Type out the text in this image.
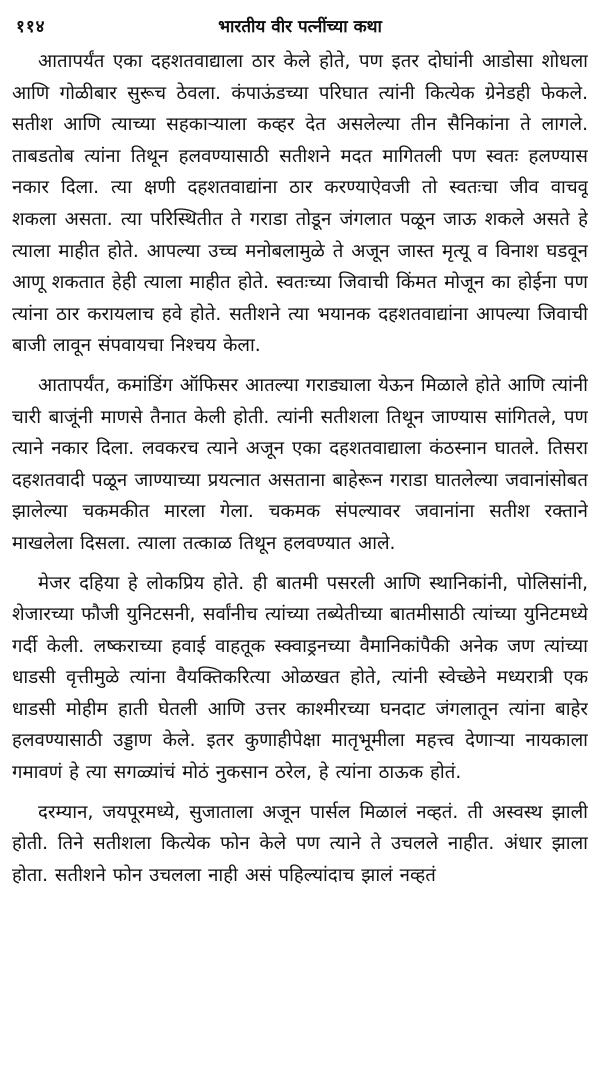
११४	भारतीय वीर पत्नींच्या कथा

आतापर्यंत एका दहशतवाद्याला ठार केले होते, पण इतर दोघांनी आडोसा शोधला आणि गोळीबार सुरूच ठेवला. कंपाऊंडच्या परिघात त्यांनी कित्येक ग्रेनेडही फेकले. सतीश आणि त्याच्या सहकाऱ्याला कव्हर देत असलेल्या तीन सैनिकांना ते लागले. ताबडतोब त्यांना तिथून हलवण्यासाठी सतीशने मदत मागितली पण स्वतः हलण्यास नकार दिला. त्या क्षणी दहशतवाद्यांना ठार करण्याऐवजी तो स्वतःचा जीव वाचवू शकला असता. त्या परिस्थितीत ते गराडा तोडून जंगलात पळून जाऊ शकले असते हे त्याला माहीत होते. आपल्या उच्च मनोबलामुळे ते अजून जास्त मृत्यू व विनाश घडवून आणू शकतात हेही त्याला माहीत होते. स्वतःच्या जिवाची किंमत मोजून का होईना पण त्यांना ठार करायलाच हवे होते. सतीशने त्या भयानक दहशतवाद्यांना आपल्या जिवाची बाजी लावून संपवायचा निश्चय केला.

आतापर्यंत, कमांडिंग ऑफिसर आतल्या गराड्याला येऊन मिळाले होते आणि त्यांनी चारी बाजूंनी माणसे तैनात केली होती. त्यांनी सतीशला तिथून जाण्यास सांगितले, पण त्याने नकार दिला. लवकरच त्याने अजून एका दहशतवाद्याला कंठस्नान घातले. तिसरा दहशतवादी पळून जाण्याच्या प्रयत्नात असताना बाहेरून गराडा घातलेल्या जवानांसोबत झालेल्या चकमकीत मारला गेला. चकमक संपल्यावर जवानांना सतीश रक्ताने माखलेला दिसला. त्याला तत्काळ तिथून हलवण्यात आले.

मेजर दहिया हे लोकप्रिय होते. ही बातमी पसरली आणि स्थानिकांनी, पोलिसांनी, शेजारच्या फौजी युनिटसनी, सर्वांनीच त्यांच्या तब्येतीच्या बातमीसाठी त्यांच्या युनिटमध्ये गर्दी केली. लष्कराच्या हवाई वाहतूक स्क्वाड्रनच्या वैमानिकांपैकी अनेक जण त्यांच्या धाडसी वृत्तीमुळे त्यांना वैयक्तिकरित्या ओळखत होते, त्यांनी स्वेच्छेने मध्यरात्री एक धाडसी मोहीम हाती घेतली आणि उत्तर काश्मीरच्या घनदाट जंगलातून त्यांना बाहेर हलवण्यासाठी उड्डाण केले. इतर कुणाहीपेक्षा मातृभूमीला महत्त्व देणाऱ्या नायकाला गमावणं हे त्या सगळ्यांचं मोठं नुकसान ठरेल, हे त्यांना ठाऊक होतं.

दरम्यान, जयपूरमध्ये, सुजाताला अजून पार्सल मिळालं नव्हतं. ती अस्वस्थ झाली होती. तिने सतीशला कित्येक फोन केले पण त्याने ते उचलले नाहीत. अंधार झाला होता. सतीशने फोन उचलला नाही असं पहिल्यांदाच झालं नव्हतं
